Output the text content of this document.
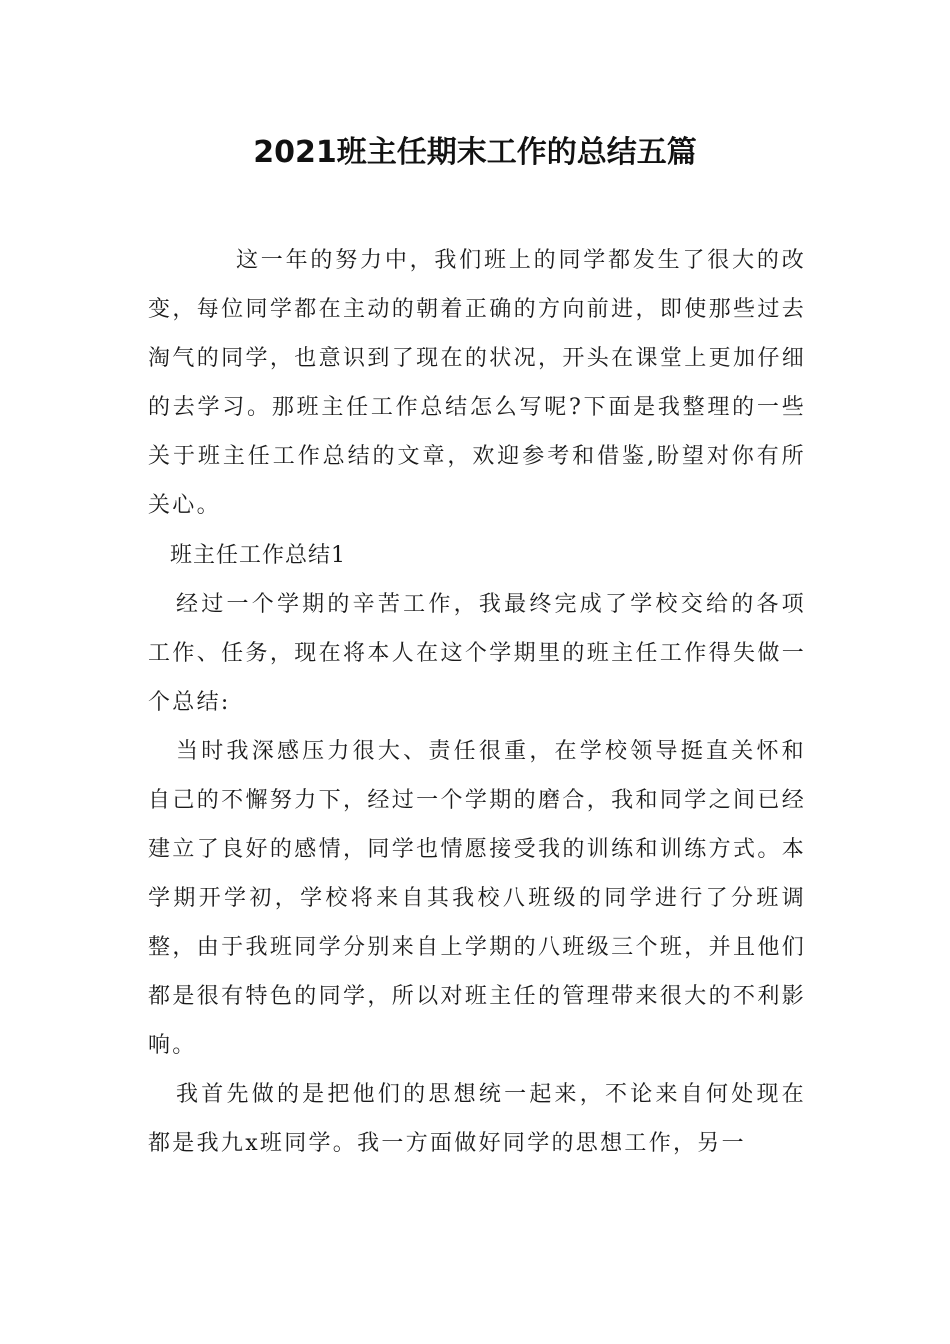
2021班主任期末工作的总结五篇

这一年的努力中，我们班上的同学都发生了很大的改变，每位同学都在主动的朝着正确的方向前进，即使那些过去淘气的同学，也意识到了现在的状况，开头在课堂上更加仔细的去学习。那班主任工作总结怎么写呢?下面是我整理的一些关于班主任工作总结的文章，欢迎参考和借鉴,盼望对你有所关心。

班主任工作总结1

经过一个学期的辛苦工作，我最终完成了学校交给的各项工作、任务，现在将本人在这个学期里的班主任工作得失做一个总结:

当时我深感压力很大、责任很重，在学校领导挺直关怀和自己的不懈努力下，经过一个学期的磨合，我和同学之间已经建立了良好的感情，同学也情愿接受我的训练和训练方式。本学期开学初，学校将来自其我校八班级的同学进行了分班调整，由于我班同学分别来自上学期的八班级三个班，并且他们都是很有特色的同学，所以对班主任的管理带来很大的不利影响。

我首先做的是把他们的思想统一起来，不论来自何处现在都是我九x班同学。我一方面做好同学的思想工作，另一
